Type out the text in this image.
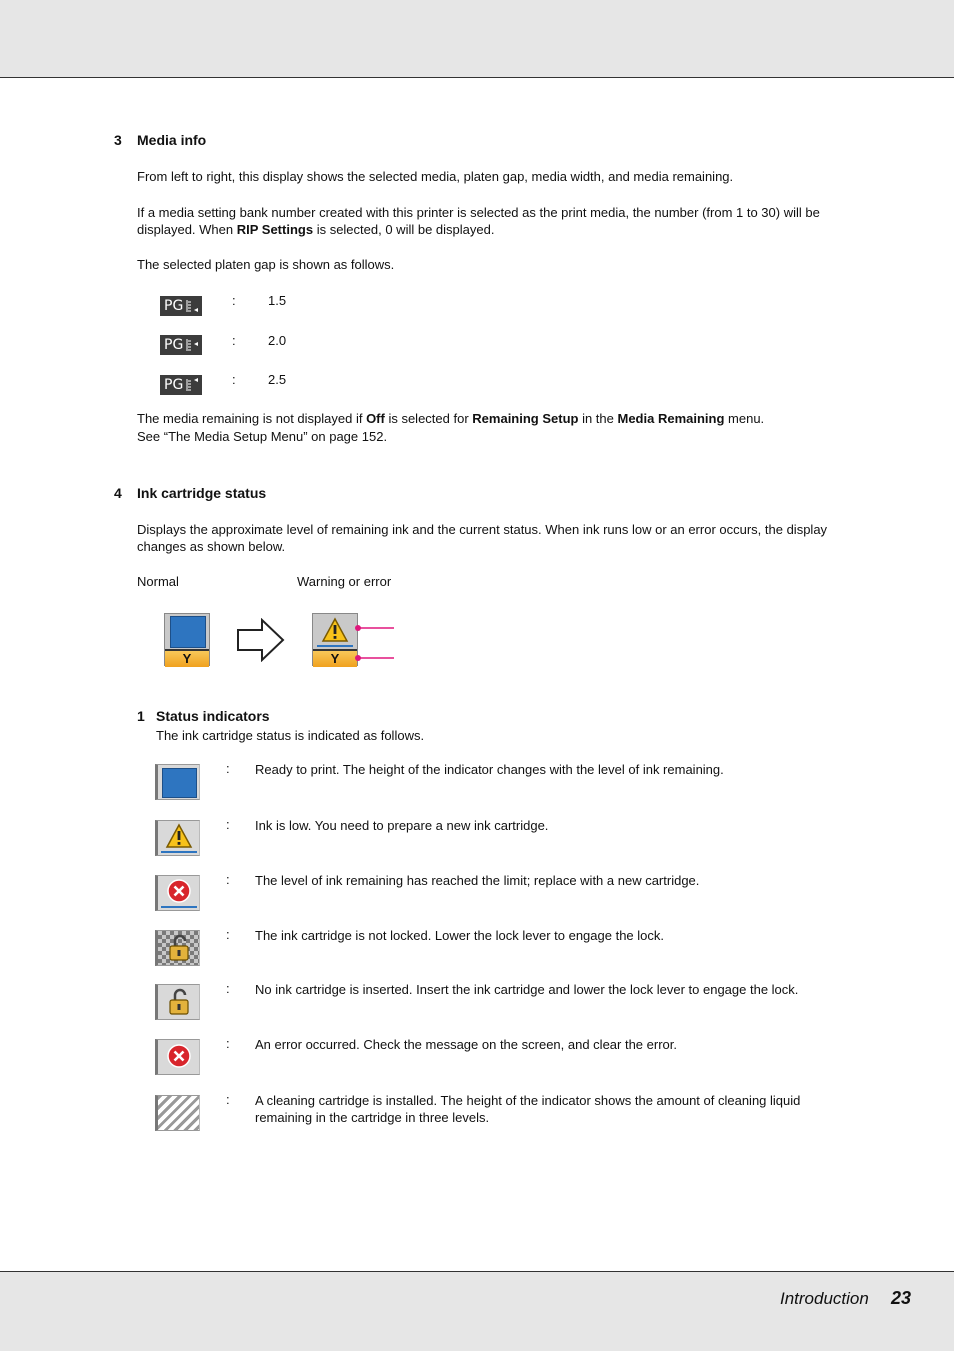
3 Media info
From left to right, this display shows the selected media, platen gap, media width, and media remaining.
If a media setting bank number created with this printer is selected as the print media, the number (from 1 to 30) will be displayed. When RIP Settings is selected, 0 will be displayed.
The selected platen gap is shown as follows.
PG	: 1.5
PG	: 2.0
PG	: 2.5
The media remaining is not displayed if Off is selected for Remaining Setup in the Media Remaining menu.
See “The Media Setup Menu” on page 152.
4 Ink cartridge status
Displays the approximate level of remaining ink and the current status. When ink runs low or an error occurs, the display
changes as shown below.
Normal	Warning or error
Y	Y
1 Status indicators
The ink cartridge status is indicated as follows.
: Ready to print. The height of the indicator changes with the level of ink remaining.
: Ink is low. You need to prepare a new ink cartridge.
: The level of ink remaining has reached the limit; replace with a new cartridge.
: The ink cartridge is not locked. Lower the lock lever to engage the lock.
: No ink cartridge is inserted. Insert the ink cartridge and lower the lock lever to engage the lock.
: An error occurred. Check the message on the screen, and clear the error.
: A cleaning cartridge is installed. The height of the indicator shows the amount of cleaning liquid
remaining in the cartridge in three levels.
Introduction 23
